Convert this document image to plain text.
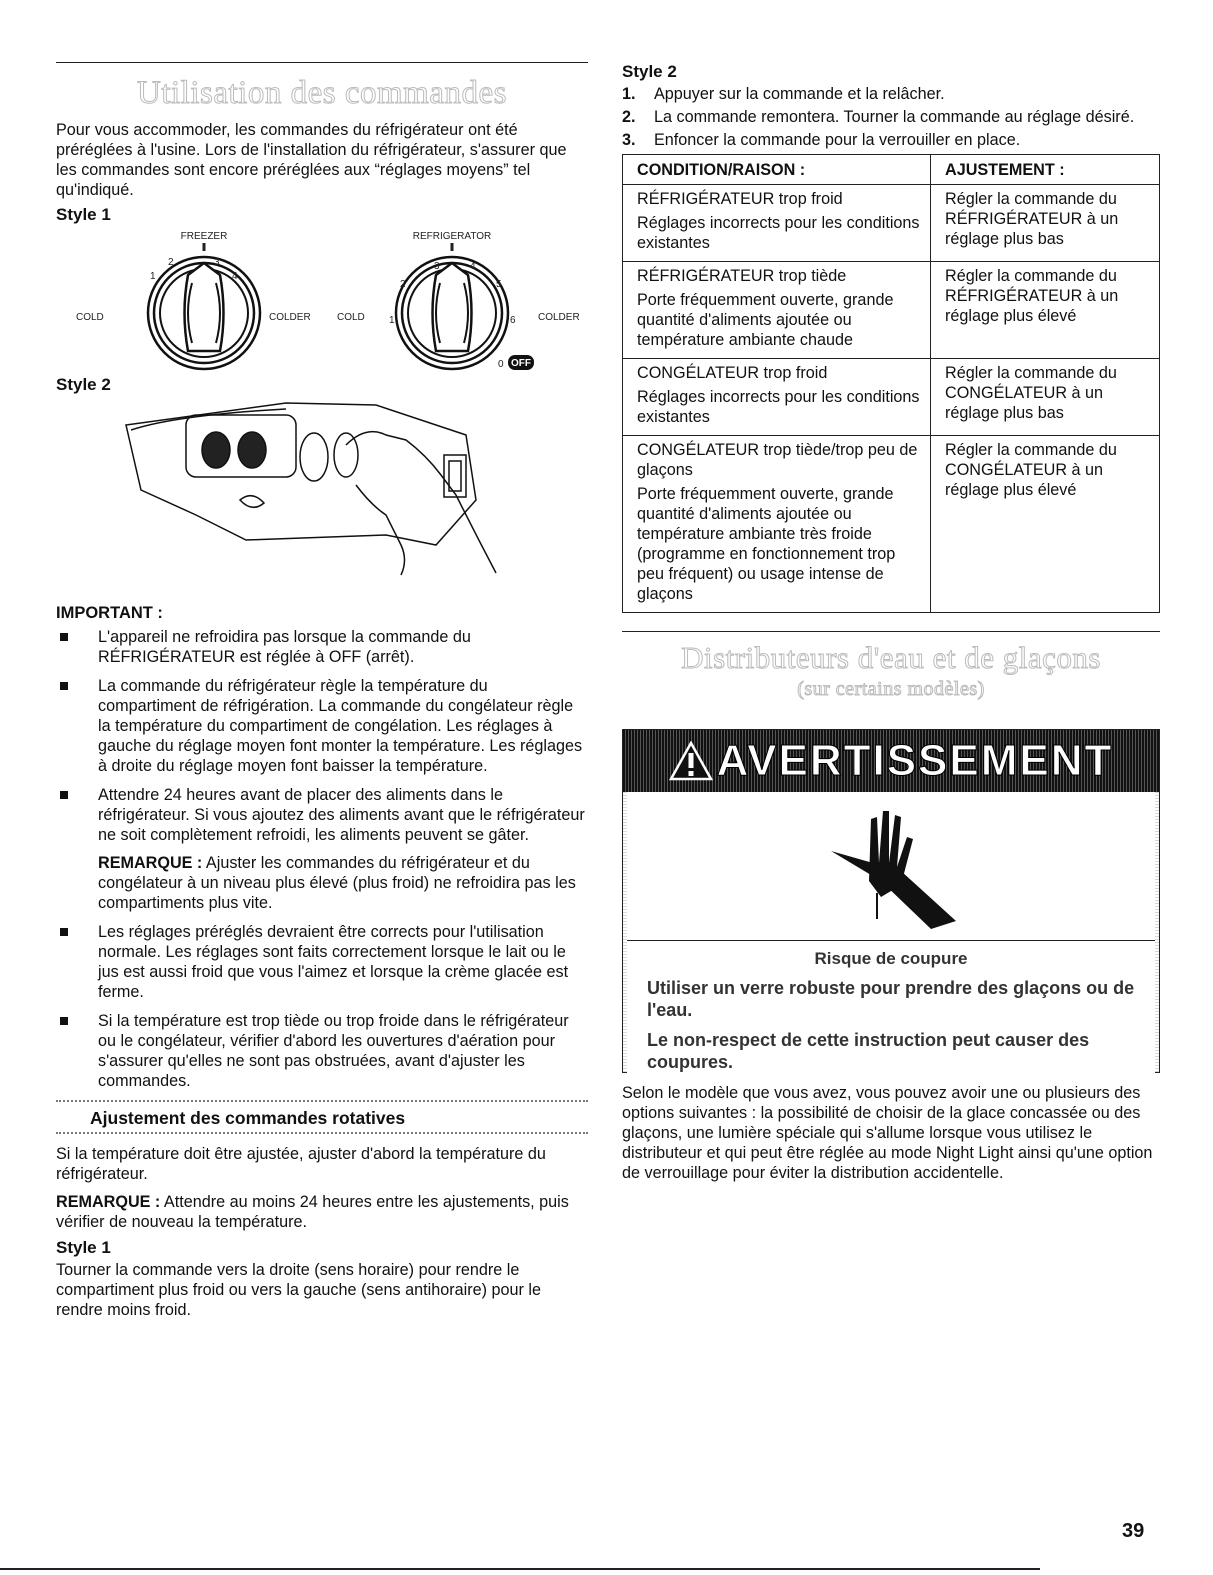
Utilisation des commandes

Pour vous accommoder, les commandes du réfrigérateur ont été préréglées à l'usine. Lors de l'installation du réfrigérateur, s'assurer que les commandes sont encore préréglées aux “réglages moyens” tel qu'indiqué.

Style 1

FREEZER
1
2	3
4
COLD	COLDER
REFRIGERATOR
1
2
3	4
5
6
0 OFF
COLD	COLDER

Style 2

IMPORTANT :

L'appareil ne refroidira pas lorsque la commande du RÉFRIGÉRATEUR est réglée à OFF (arrêt).
La commande du réfrigérateur règle la température du compartiment de réfrigération. La commande du congélateur règle la température du compartiment de congélation. Les réglages à gauche du réglage moyen font monter la température. Les réglages à droite du réglage moyen font baisser la température.
Attendre 24 heures avant de placer des aliments dans le réfrigérateur. Si vous ajoutez des aliments avant que le réfrigérateur ne soit complètement refroidi, les aliments peuvent se gâter.
REMARQUE : Ajuster les commandes du réfrigérateur et du congélateur à un niveau plus élevé (plus froid) ne refroidira pas les compartiments plus vite.
Les réglages préréglés devraient être corrects pour l'utilisation normale. Les réglages sont faits correctement lorsque le lait ou le jus est aussi froid que vous l'aimez et lorsque la crème glacée est ferme.
Si la température est trop tiède ou trop froide dans le réfrigérateur ou le congélateur, vérifier d'abord les ouvertures d'aération pour s'assurer qu'elles ne sont pas obstruées, avant d'ajuster les commandes.

Ajustement des commandes rotatives

Si la température doit être ajustée, ajuster d'abord la température du réfrigérateur.

REMARQUE : Attendre au moins 24 heures entre les ajustements, puis vérifier de nouveau la température.

Style 1

Tourner la commande vers la droite (sens horaire) pour rendre le compartiment plus froid ou vers la gauche (sens antihoraire) pour le rendre moins froid.

Style 2

1. Appuyer sur la commande et la relâcher.
2. La commande remontera. Tourner la commande au réglage désiré.
3. Enfoncer la commande pour la verrouiller en place.
CONDITION/RAISON :	AJUSTEMENT :

RÉFRIGÉRATEUR trop froid

Réglages incorrects pour les conditions existantes	Régler la commande du RÉFRIGÉRATEUR à un réglage plus bas

RÉFRIGÉRATEUR trop tiède

Porte fréquemment ouverte, grande quantité d'aliments ajoutée ou température ambiante chaude	Régler la commande du RÉFRIGÉRATEUR à un réglage plus élevé

CONGÉLATEUR trop froid

Réglages incorrects pour les conditions existantes	Régler la commande du CONGÉLATEUR à un réglage plus bas

CONGÉLATEUR trop tiède/trop peu de glaçons

Porte fréquemment ouverte, grande quantité d'aliments ajoutée ou température ambiante très froide (programme en fonctionnement trop peu fréquent) ou usage intense de glaçons	Régler la commande du CONGÉLATEUR à un réglage plus élevé
Distributeurs d'eau et de glaçons
(sur certains modèles)
AVERTISSEMENT
Risque de coupure
Utiliser un verre robuste pour prendre des glaçons ou de l'eau.
Le non-respect de cette instruction peut causer des coupures.

Selon le modèle que vous avez, vous pouvez avoir une ou plusieurs des options suivantes : la possibilité de choisir de la glace concassée ou des glaçons, une lumière spéciale qui s'allume lorsque vous utilisez le distributeur et qui peut être réglée au mode Night Light ainsi qu'une option de verrouillage pour éviter la distribution accidentelle.

39
